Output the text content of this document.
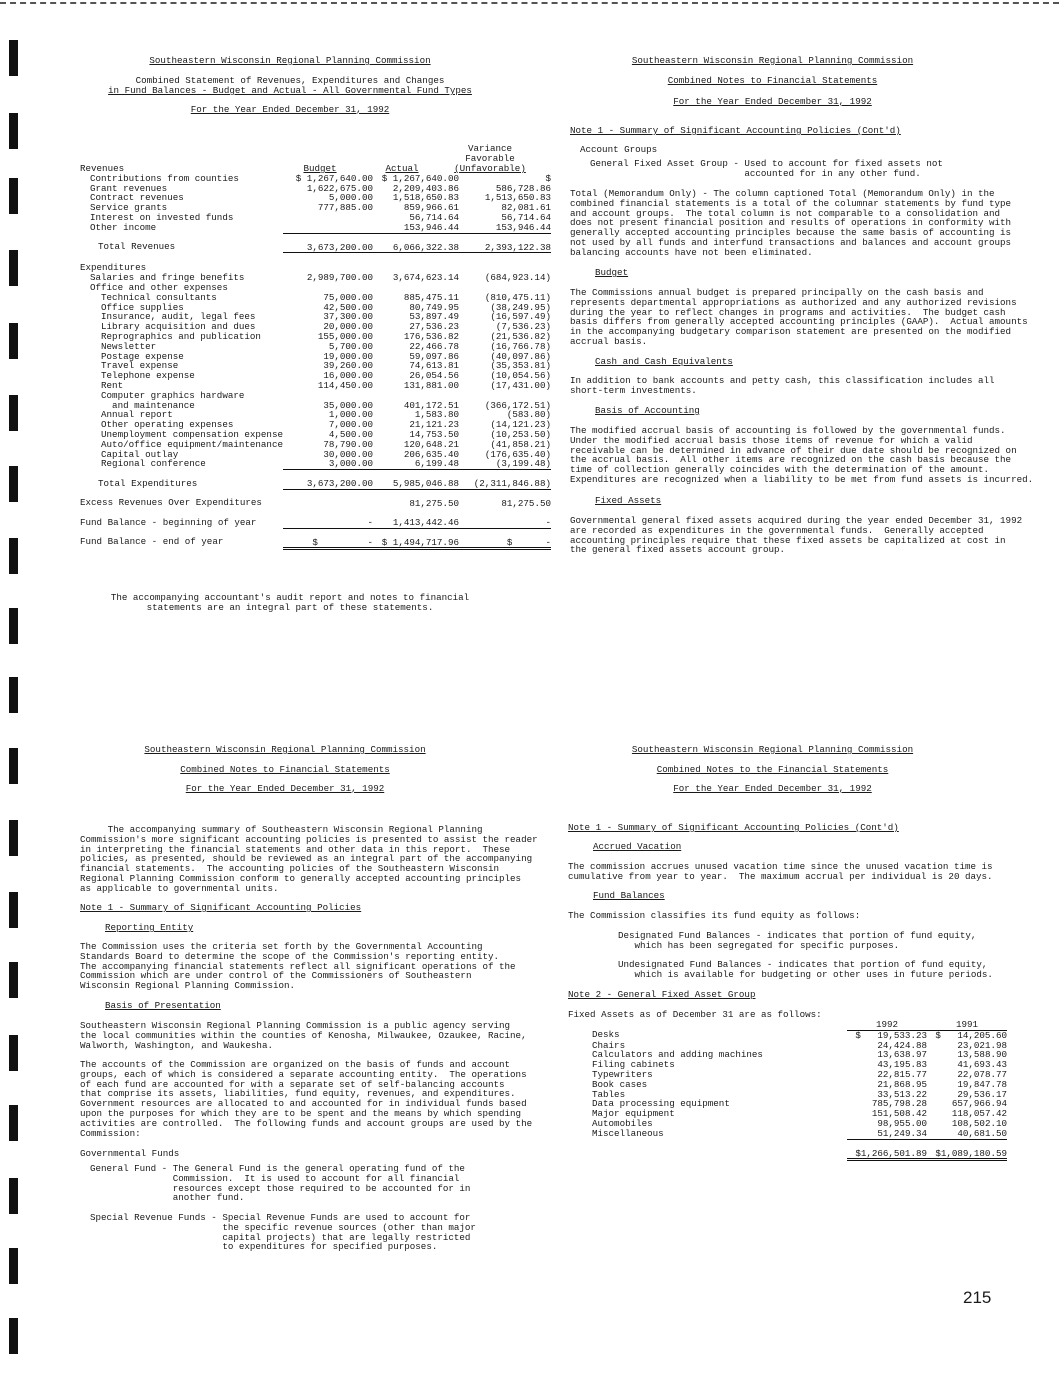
Southeastern Wisconsin Regional Planning Commission
Combined Statement of Revenues, Expenditures and Changes
in Fund Balances - Budget and Actual - All Governmental Fund Types
For the Year Ended December 31, 1992
Variance
Favorable
(Unfavorable)
Budget	Actual
Revenues			
Contributions from counties	$ 1,267,640.00	$ 1,267,640.00	$
Grant revenues	1,622,675.00	2,209,403.86	586,728.86
Contract revenues	5,000.00	1,518,650.83	1,513,650.83
Service grants	777,885.00	859,966.61	82,081.61
Interest on invested funds		56,714.64	56,714.64
Other income		153,946.44	153,946.44
Total Revenues	3,673,200.00	6,066,322.38	2,393,122.38
Expenditures			
Salaries and fringe benefits	2,989,700.00	3,674,623.14	(684,923.14)
Office and other expenses			
Technical consultants	75,000.00	885,475.11	(810,475.11)
Office supplies	42,500.00	80,749.95	(38,249.95)
Insurance, audit, legal fees	37,300.00	53,897.49	(16,597.49)
Library acquisition and dues	20,000.00	27,536.23	(7,536.23)
Reprographics and publication	155,000.00	176,536.82	(21,536.82)
Newsletter	5,700.00	22,466.78	(16,766.78)
Postage expense	19,000.00	59,097.86	(40,097.86)
Travel expense	39,260.00	74,613.81	(35,353.81)
Telephone expense	16,000.00	26,054.56	(10,054.56)
Rent	114,450.00	131,881.00	(17,431.00)
Computer graphics hardware			
and maintenance	35,000.00	401,172.51	(366,172.51)
Annual report	1,000.00	1,583.80	(583.80)
Other operating expenses	7,000.00	21,121.23	(14,121.23)
Unemployment compensation expense	4,500.00	14,753.50	(10,253.50)
Auto/office equipment/maintenance	78,790.00	120,648.21	(41,858.21)
Capital outlay	30,000.00	206,635.40	(176,635.40)
Regional conference	3,000.00	6,199.48	(3,199.48)
Total Expenditures	3,673,200.00	5,985,046.88	(2,311,846.88)
Excess Revenues Over Expenditures		81,275.50	81,275.50
Fund Balance - beginning of year	-	1,413,442.46	-
Fund Balance - end of year	$         -	$ 1,494,717.96	$      -
The accompanying accountant's audit report and notes to financial
statements are an integral part of these statements.
Southeastern Wisconsin Regional Planning Commission
Combined Notes to Financial Statements
For the Year Ended December 31, 1992
Note 1 - Summary of Significant Accounting Policies (Cont'd)
Account Groups
General Fixed Asset Group - Used to account for fixed assets not
accounted for in any other fund.
Total (Memorandum Only) - The column captioned Total (Memorandum Only) in the
combined financial statements is a total of the columnar statements by fund type
and account groups.  The total column is not comparable to a consolidation and
does not present financial position and results of operations in conformity with
generally accepted accounting principles because the same basis of accounting is
not used by all funds and interfund transactions and balances and account groups
balancing accounts have not been eliminated.
Budget
The Commissions annual budget is prepared principally on the cash basis and
represents departmental appropriations as authorized and any authorized revisions
during the year to reflect changes in programs and activities.  The budget cash
basis differs from generally accepted accounting principles (GAAP).  Actual amounts
in the accompanying budgetary comparison statement are presented on the modified
accrual basis.
Cash and Cash Equivalents
In addition to bank accounts and petty cash, this classification includes all
short-term investments.
Basis of Accounting
The modified accrual basis of accounting is followed by the governmental funds.
Under the modified accrual basis those items of revenue for which a valid
receivable can be determined in advance of their due date should be recognized on
the accrual basis.  All other items are recognized on the cash basis because the
time of collection generally coincides with the determination of the amount.
Expenditures are recognized when a liability to be met from fund assets is incurred.
Fixed Assets
Governmental general fixed assets acquired during the year ended December 31, 1992
are recorded as expenditures in the governmental funds.  Generally accepted
accounting principles require that these fixed assets be capitalized at cost in
the general fixed assets account group.
Southeastern Wisconsin Regional Planning Commission
Combined Notes to Financial Statements
For the Year Ended December 31, 1992
The accompanying summary of Southeastern Wisconsin Regional Planning
Commission's more significant accounting policies is presented to assist the reader
in interpreting the financial statements and other data in this report.  These
policies, as presented, should be reviewed as an integral part of the accompanying
financial statements.  The accounting policies of the Southeastern Wisconsin
Regional Planning Commission conform to generally accepted accounting principles
as applicable to governmental units.
Note 1 - Summary of Significant Accounting Policies
Reporting Entity
The Commission uses the criteria set forth by the Governmental Accounting
Standards Board to determine the scope of the Commission's reporting entity.
The accompanying financial statements reflect all significant operations of the
Commission which are under control of the Commissioners of Southeastern
Wisconsin Regional Planning Commission.
Basis of Presentation
Southeastern Wisconsin Regional Planning Commission is a public agency serving
the local communities within the counties of Kenosha, Milwaukee, Ozaukee, Racine,
Walworth, Washington, and Waukesha.
The accounts of the Commission are organized on the basis of funds and account
groups, each of which is considered a separate accounting entity.  The operations
of each fund are accounted for with a separate set of self-balancing accounts
that comprise its assets, liabilities, fund equity, revenues, and expenditures.
Government resources are allocated to and accounted for in individual funds based
upon the purposes for which they are to be spent and the means by which spending
activities are controlled.  The following funds and account groups are used by the
Commission:
Governmental Funds
General Fund - The General Fund is the general operating fund of the
Commission.  It is used to account for all financial
resources except those required to be accounted for in
another fund.
Special Revenue Funds - Special Revenue Funds are used to account for
the specific revenue sources (other than major
capital projects) that are legally restricted
to expenditures for specified purposes.
Southeastern Wisconsin Regional Planning Commission
Combined Notes to the Financial Statements
For the Year Ended December 31, 1992
Note 1 - Summary of Significant Accounting Policies (Cont'd)
Accrued Vacation
The commission accrues unused vacation time since the unused vacation time is
cumulative from year to year.  The maximum accrual per individual is 20 days.
Fund Balances
The Commission classifies its fund equity as follows:
Designated Fund Balances - indicates that portion of fund equity,
which has been segregated for specific purposes.
Undesignated Fund Balances - indicates that portion of fund equity,
which is available for budgeting or other uses in future periods.
Note 2 - General Fixed Asset Group
Fixed Assets as of December 31 are as follows:
	1992	1991
Desks	$   19,533.23	$   14,205.60
Chairs	24,424.88	23,021.98
Calculators and adding machines	13,638.97	13,588.90
Filing cabinets	43,195.83	41,693.43
Typewriters	22,815.77	22,078.77
Book cases	21,868.95	19,847.78
Tables	33,513.22	29,536.17
Data processing equipment	785,798.28	657,966.94
Major equipment	151,508.42	118,057.42
Automobiles	98,955.00	108,502.10
Miscellaneous	51,249.34	40,681.50
	$1,266,501.89	$1,089,180.59
215
